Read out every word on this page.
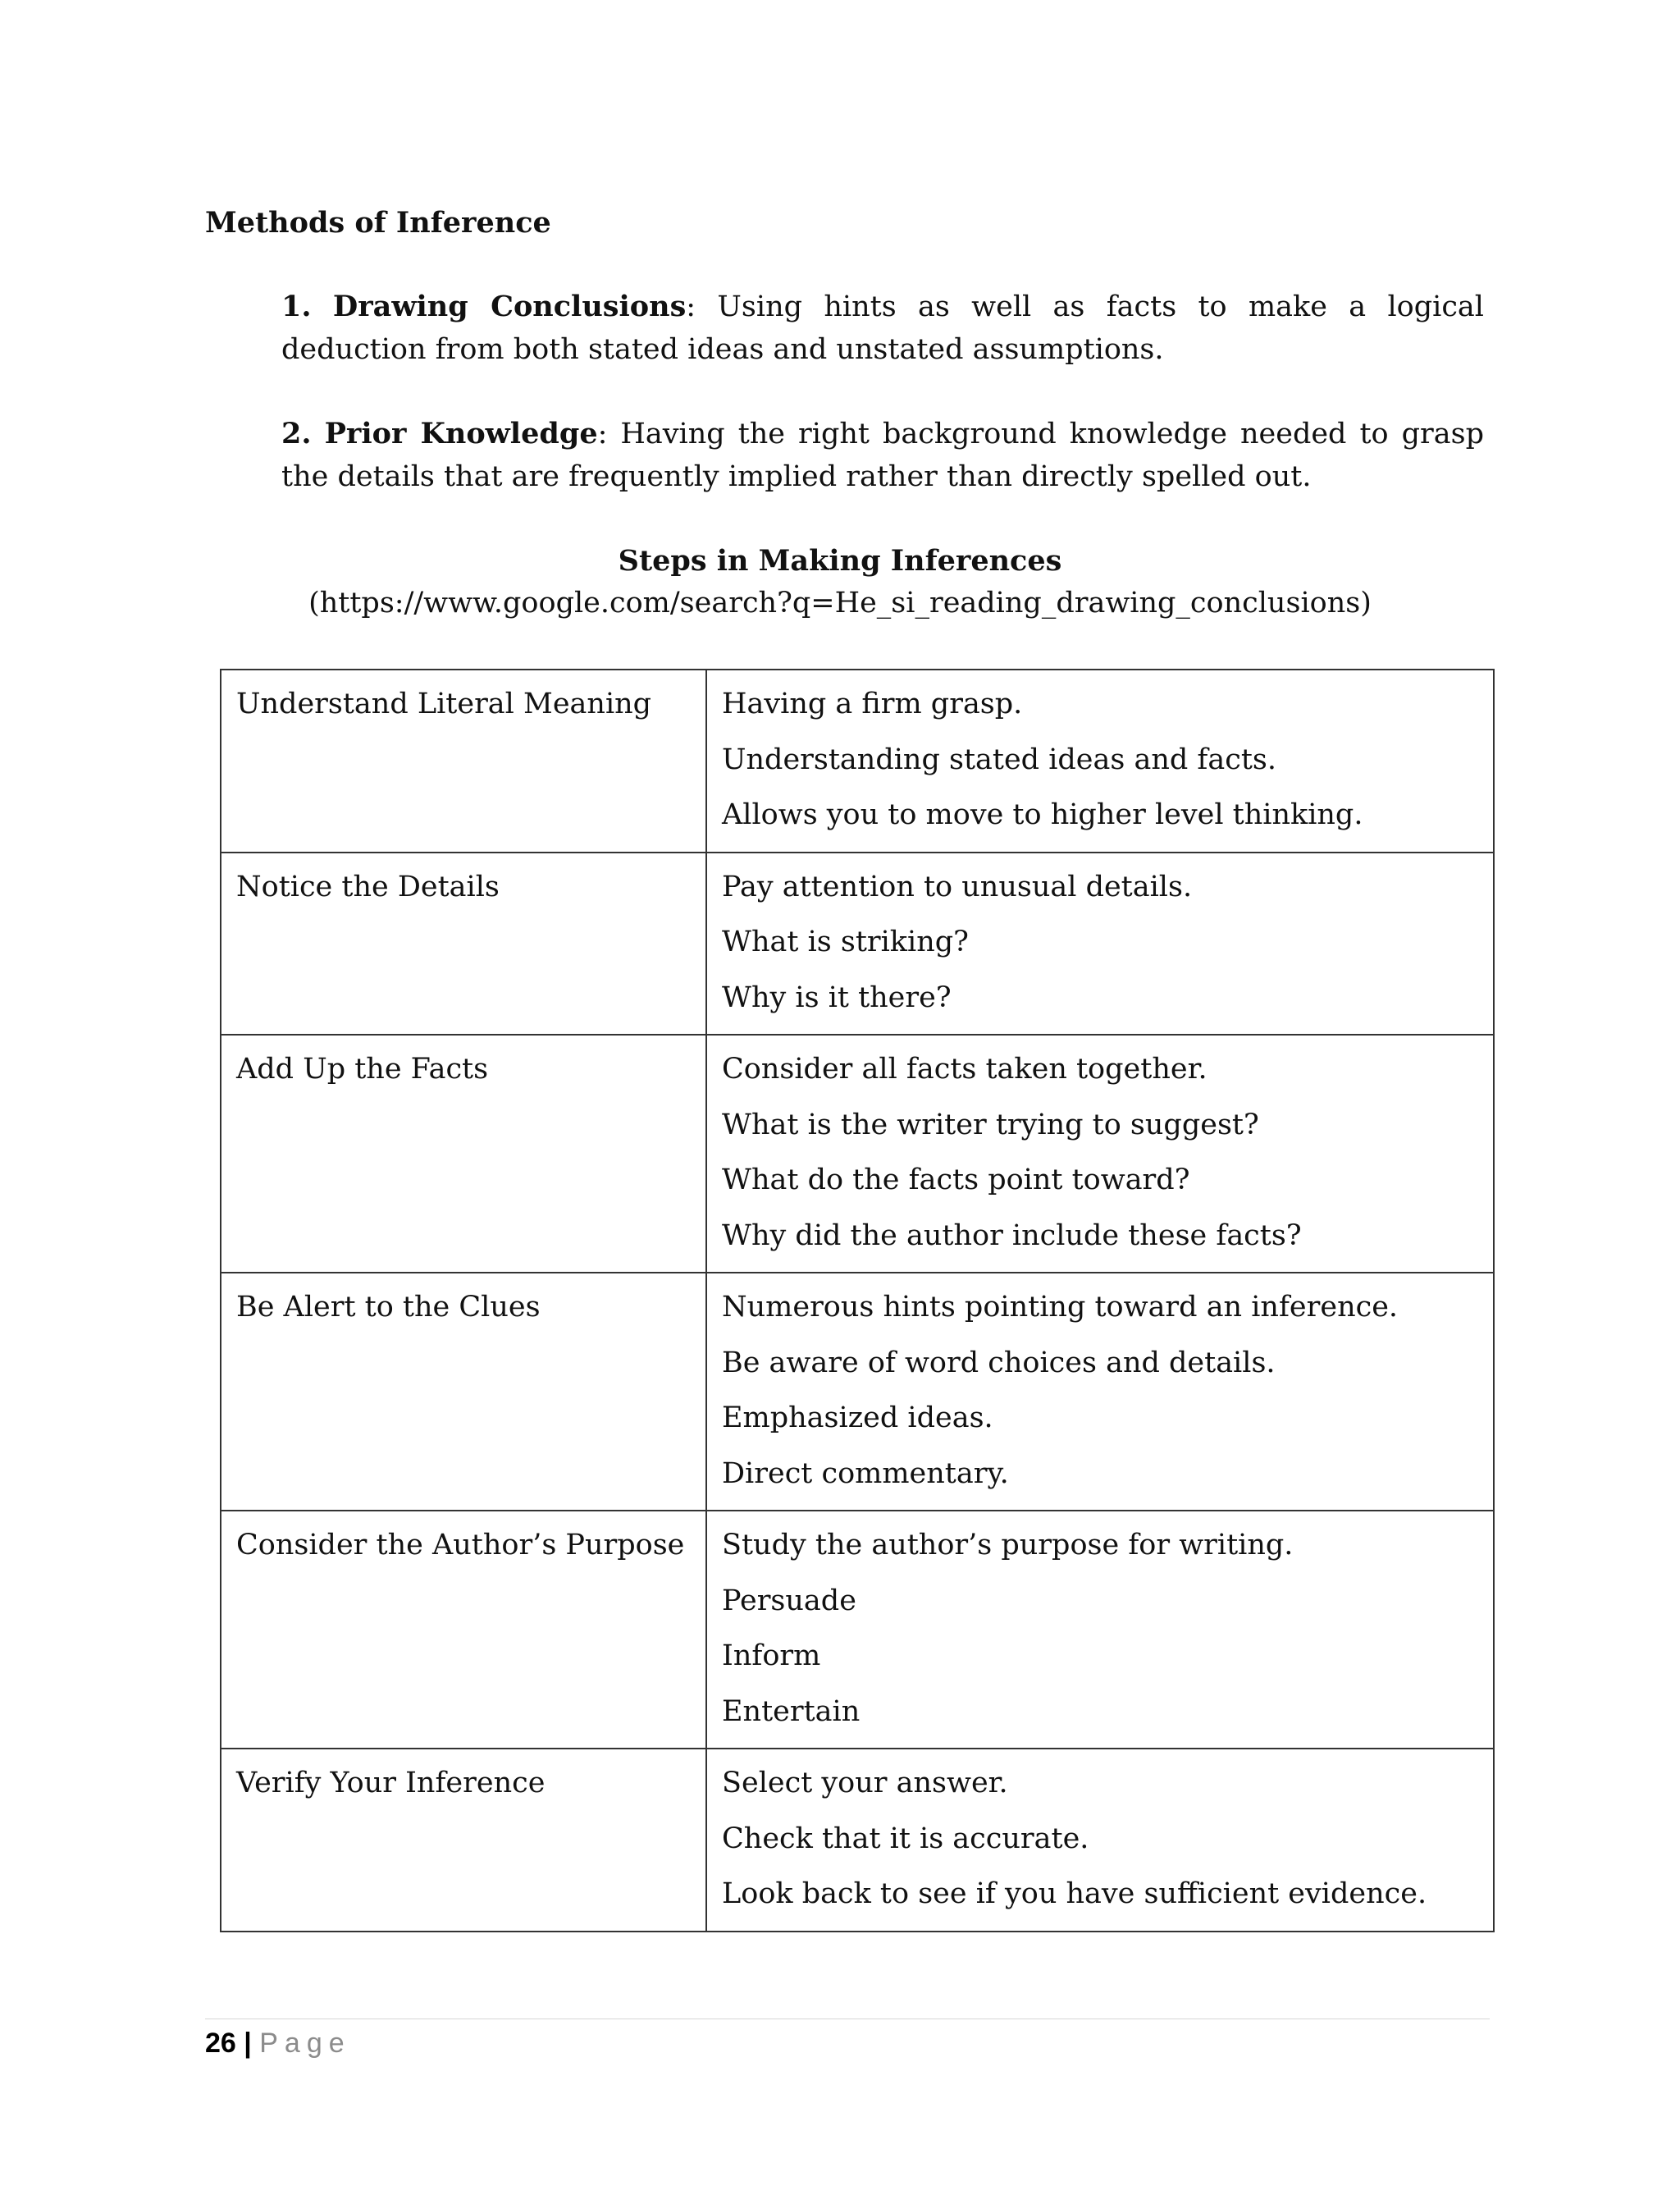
Methods of Inference
1. Drawing Conclusions: Using hints as well as facts to make a logical deduction from both stated ideas and unstated assumptions.
2. Prior Knowledge: Having the right background knowledge needed to grasp the details that are frequently implied rather than directly spelled out.
Steps in Making Inferences
(https://www.google.com/search?q=He_si_reading_drawing_conclusions)
Understand Literal Meaning	Having a firm grasp.
Understanding stated ideas and facts.
Allows you to move to higher level thinking.

Notice the Details	Pay attention to unusual details.
What is striking?
Why is it there?

Add Up the Facts	Consider all facts taken together.
What is the writer trying to suggest?
What do the facts point toward?
Why did the author include these facts?

Be Alert to the Clues	Numerous hints pointing toward an inference.
Be aware of word choices and details.
Emphasized ideas.
Direct commentary.

Consider the Author’s Purpose	Study the author’s purpose for writing.
Persuade
Inform
Entertain

Verify Your Inference	Select your answer.
Check that it is accurate.
Look back to see if you have sufficient evidence.
26 | Page
